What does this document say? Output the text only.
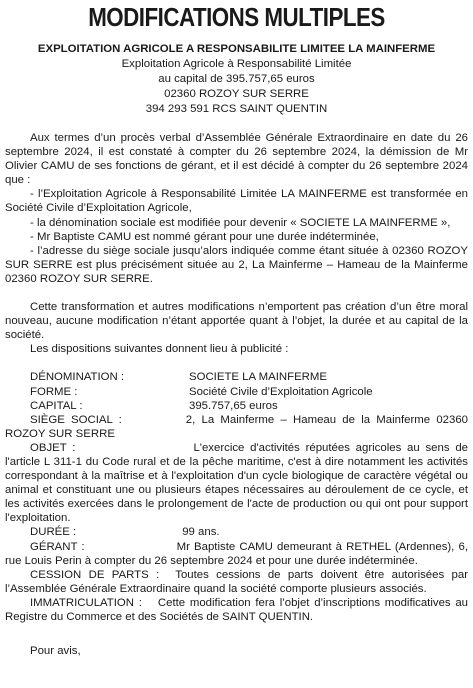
MODIFICATIONS MULTIPLES
EXPLOITATION AGRICOLE A RESPONSABILITE LIMITEE LA MAINFERME
Exploitation Agricole à Responsabilité Limitée
au capital de 395.757,65 euros
02360 ROZOY SUR SERRE
394 293 591 RCS SAINT QUENTIN

Aux termes d’un procès verbal d’Assemblée Générale Extraordinaire en date du 26 septembre 2024, il est constaté à compter du 26 septembre 2024, la démission de Mr Olivier CAMU de ses fonctions de gérant, et il est décidé à compter du 26 septembre 2024 que :

- l’Exploitation Agricole à Responsabilité Limitée LA MAINFERME est transformée en Société Civile d’Exploitation Agricole,

- la dénomination sociale est modifiée pour devenir « SOCIETE LA MAINFERME »,

- Mr Baptiste CAMU est nommé gérant pour une durée indéterminée,

- l’adresse du siège sociale jusqu’alors indiquée comme étant située à 02360 ROZOY SUR SERRE est plus précisément située au 2, La Mainferme – Hameau de la Mainferme 02360 ROZOY SUR SERRE.

Cette transformation et autres modifications n’emportent pas création d’un être moral nouveau, aucune modification n’étant apportée quant à l’objet, la durée et au capital de la société.

Les dispositions suivantes donnent lieu à publicité :

DÉNOMINATION :	SOCIETE LA MAINFERME
FORME :	Société Civile d’Exploitation Agricole
CAPITAL :	395.757,65 euros

SIÈGE SOCIAL :	2, La Mainferme – Hameau de la Mainferme 02360 ROZOY SUR SERRE

OBJET :	L'exercice d'activités réputées agricoles au sens de l'article L 311-1 du Code rural et de la pêche maritime, c'est à dire notamment les activités correspondant à la maîtrise et à l'exploitation d'un cycle biologique de caractère végétal ou animal et constituant une ou plusieurs étapes nécessaires au déroulement de ce cycle, et les activités exercées dans le prolongement de l'acte de production ou qui ont pour support l'exploitation.

DURÉE :	99 ans.

GÉRANT :	Mr Baptiste CAMU demeurant à RETHEL (Ardennes), 6, rue Louis Perin à compter du 26 septembre 2024 et pour une durée indéterminée.

CESSION DE PARTS : Toutes cessions de parts doivent être autorisées par l’Assemblée Générale Extraordinaire quand la société comporte plusieurs associés.

IMMATRICULATION : Cette modification fera l’objet d’inscriptions modificatives au Registre du Commerce et des Sociétés de SAINT QUENTIN.

Pour avis,
